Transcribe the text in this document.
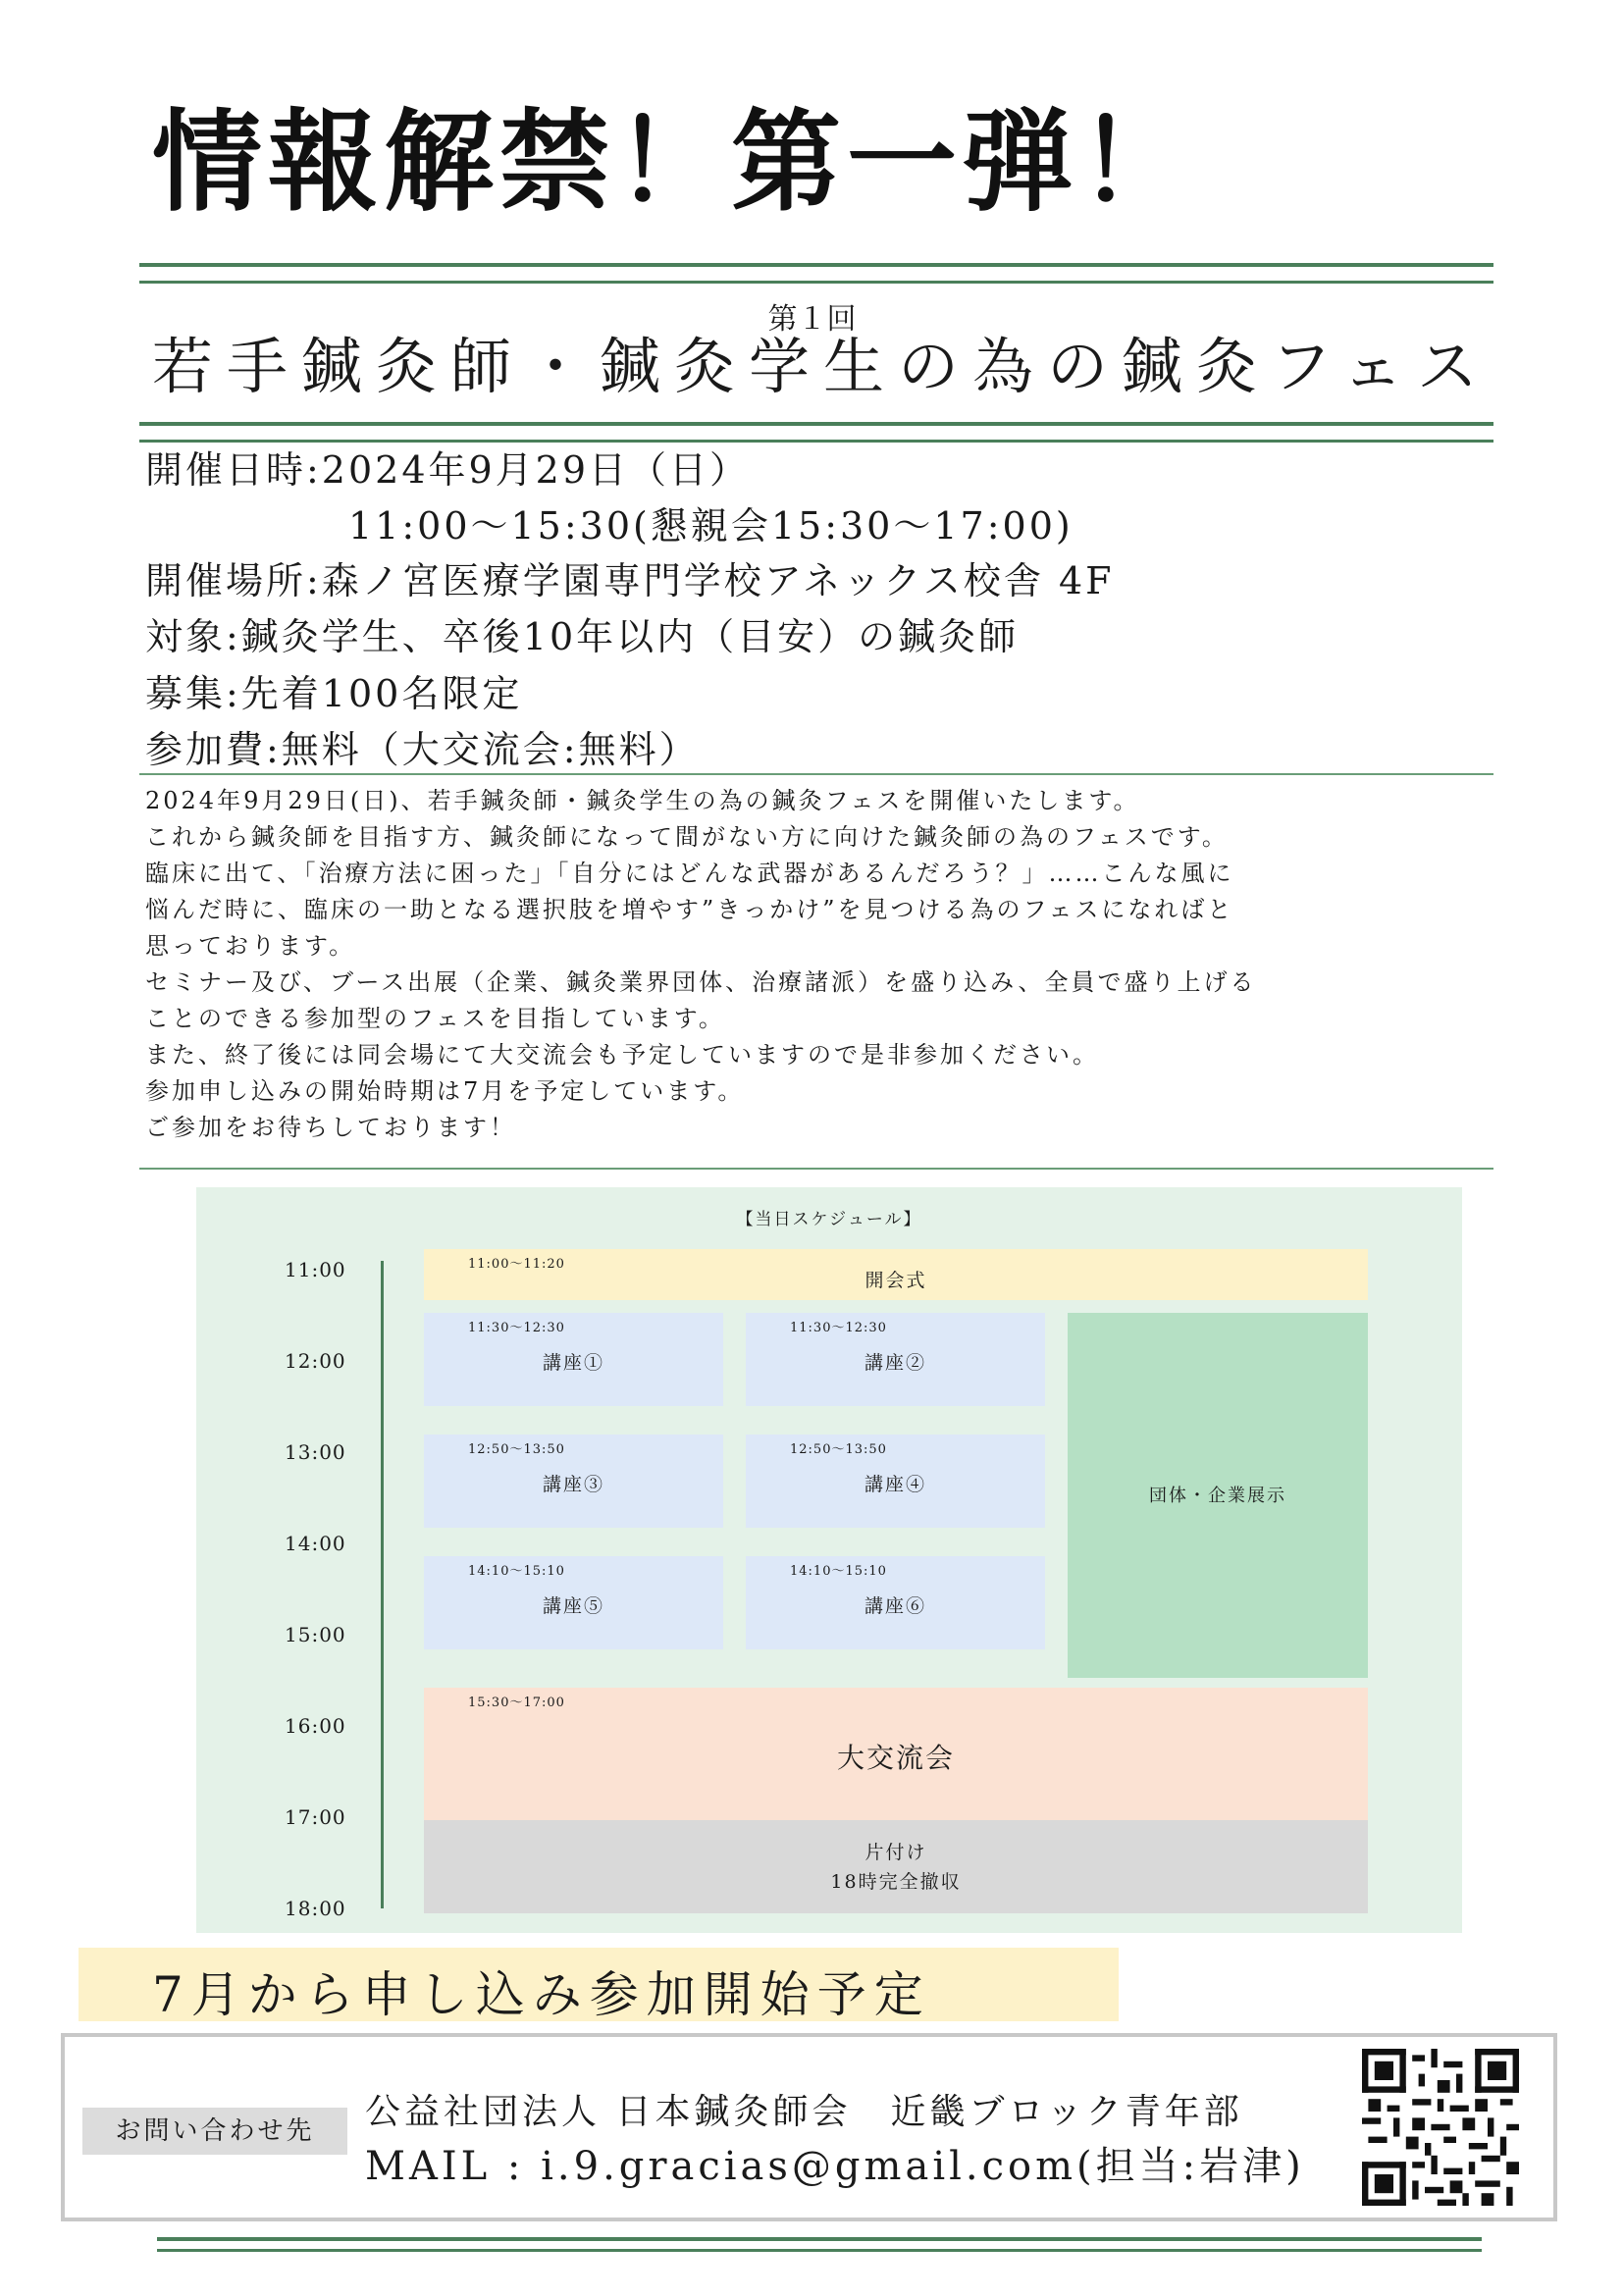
情報解禁！第一弾！
第１回
若手鍼灸師・鍼灸学生の為の鍼灸フェス
開催日時:2024年9月29日（日）
11:00～15:30(懇親会15:30～17:00)
開催場所:森ノ宮医療学園専門学校アネックス校舎 4F
対象:鍼灸学生、卒後10年以内（目安）の鍼灸師
募集:先着100名限定
参加費:無料（大交流会:無料）

2024年9月29日(日)、若手鍼灸師・鍼灸学生の為の鍼灸フェスを開催いたします。

これから鍼灸師を目指す方、鍼灸師になって間がない方に向けた鍼灸師の為のフェスです。

臨床に出て、「治療方法に困った」「自分にはどんな武器があるんだろう？」……こんな風に

悩んだ時に、臨床の一助となる選択肢を増やす”きっかけ”を見つける為のフェスになればと

思っております。

セミナー及び、ブース出展（企業、鍼灸業界団体、治療諸派）を盛り込み、全員で盛り上げる

ことのできる参加型のフェスを目指しています。

また、終了後には同会場にて大交流会も予定していますので是非参加ください。

参加申し込みの開始時期は7月を予定しています。

ご参加をお待ちしております！

【当日スケジュール】
11:00
12:00
13:00
14:00
15:00
16:00
17:00
18:00
11:00～11:20
開会式
11:30～12:30
講座①
11:30～12:30
講座②
12:50～13:50
講座③
12:50～13:50
講座④
14:10～15:10
講座⑤
14:10～15:10
講座⑥
団体・企業展示
15:30～17:00
大交流会
片付け
18時完全撤収
7月から申し込み参加開始予定
お問い合わせ先	公益社団法人 日本鍼灸師会　近畿ブロック青年部
MAIL : i.9.gracias@gmail.com(担当:岩津)
